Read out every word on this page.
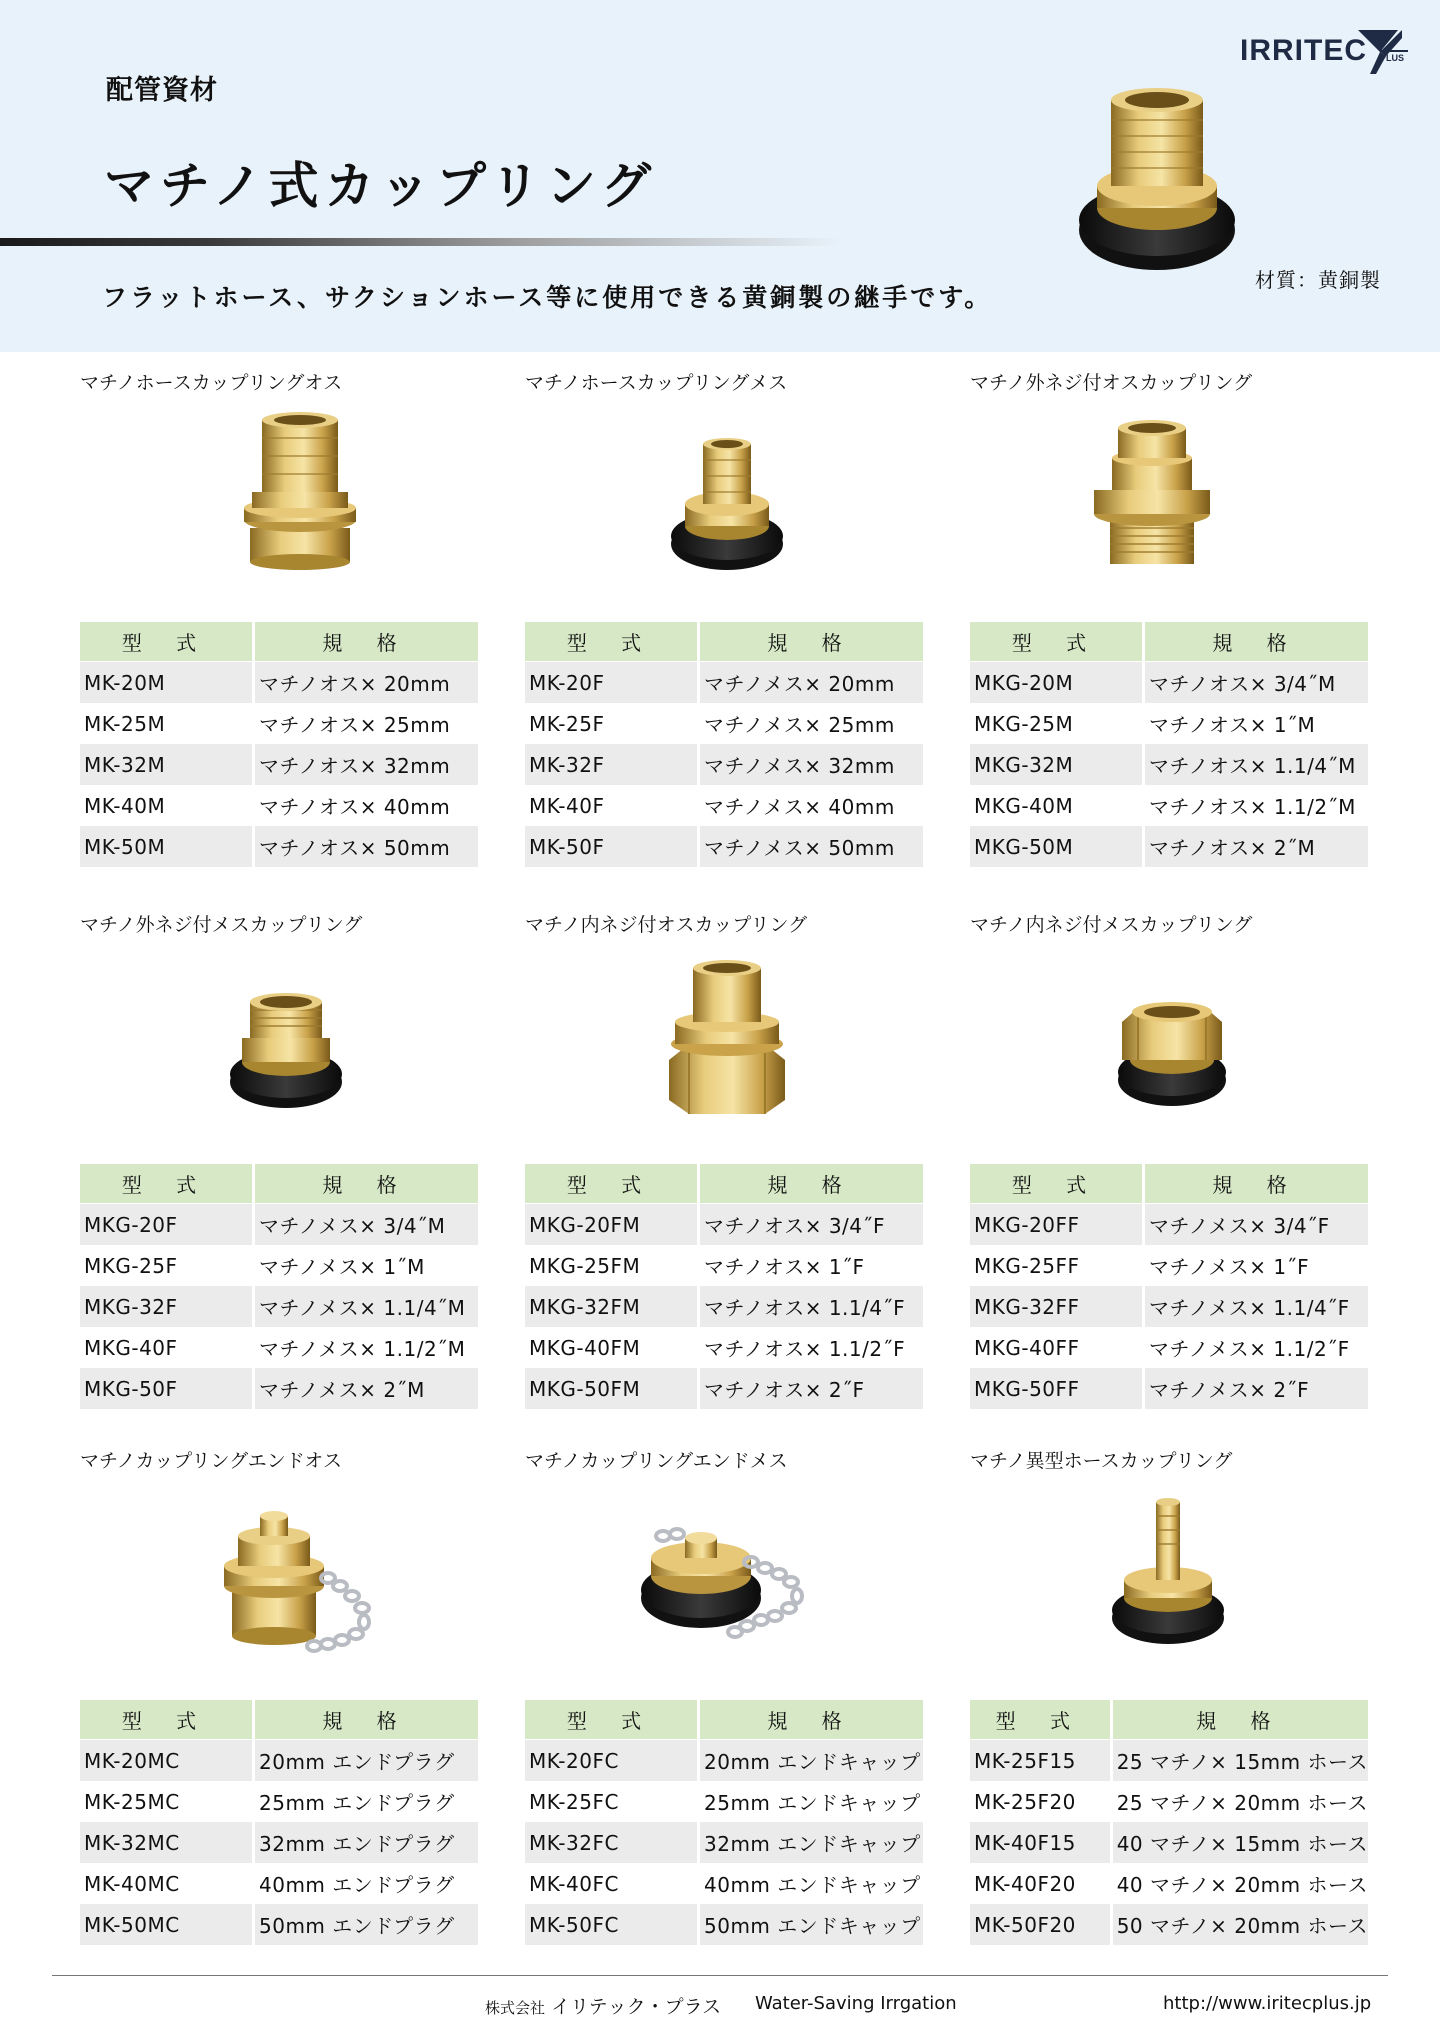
配管資材
マチノ式カップリング
フラットホース、サクションホース等に使用できる黄銅製の継手です。
材質：黄銅製
IRRITEC PLUS
マチノホースカップリングオス
型 式	規 格
MK-20M	マチノオス× 20mm
MK-25M	マチノオス× 25mm
MK-32M	マチノオス× 32mm
MK-40M	マチノオス× 40mm
MK-50M	マチノオス× 50mm
マチノホースカップリングメス
型 式	規 格
MK-20F	マチノメス× 20mm
MK-25F	マチノメス× 25mm
MK-32F	マチノメス× 32mm
MK-40F	マチノメス× 40mm
MK-50F	マチノメス× 50mm
マチノ外ネジ付オスカップリング
型 式	規 格
MKG-20M	マチノオス× 3/4˝M
MKG-25M	マチノオス× 1˝M
MKG-32M	マチノオス× 1.1/4˝M
MKG-40M	マチノオス× 1.1/2˝M
MKG-50M	マチノオス× 2˝M
マチノ外ネジ付メスカップリング
型 式	規 格
MKG-20F	マチノメス× 3/4˝M
MKG-25F	マチノメス× 1˝M
MKG-32F	マチノメス× 1.1/4˝M
MKG-40F	マチノメス× 1.1/2˝M
MKG-50F	マチノメス× 2˝M
マチノ内ネジ付オスカップリング
型 式	規 格
MKG-20FM	マチノオス× 3/4˝F
MKG-25FM	マチノオス× 1˝F
MKG-32FM	マチノオス× 1.1/4˝F
MKG-40FM	マチノオス× 1.1/2˝F
MKG-50FM	マチノオス× 2˝F
マチノ内ネジ付メスカップリング
型 式	規 格
MKG-20FF	マチノメス× 3/4˝F
MKG-25FF	マチノメス× 1˝F
MKG-32FF	マチノメス× 1.1/4˝F
MKG-40FF	マチノメス× 1.1/2˝F
MKG-50FF	マチノメス× 2˝F
マチノカップリングエンドオス
型 式	規 格
MK-20MC	20mm エンドプラグ
MK-25MC	25mm エンドプラグ
MK-32MC	32mm エンドプラグ
MK-40MC	40mm エンドプラグ
MK-50MC	50mm エンドプラグ
マチノカップリングエンドメス
型 式	規 格
MK-20FC	20mm エンドキャップ
MK-25FC	25mm エンドキャップ
MK-32FC	32mm エンドキャップ
MK-40FC	40mm エンドキャップ
MK-50FC	50mm エンドキャップ
マチノ異型ホースカップリング
型 式	規 格
MK-25F15	25 マチノ× 15mm ホース
MK-25F20	25 マチノ× 20mm ホース
MK-40F15	40 マチノ× 15mm ホース
MK-40F20	40 マチノ× 20mm ホース
MK-50F20	50 マチノ× 20mm ホース
株式会社 イリテック・プラス Water-Saving Irrgation	http://www.iritecplus.jp
